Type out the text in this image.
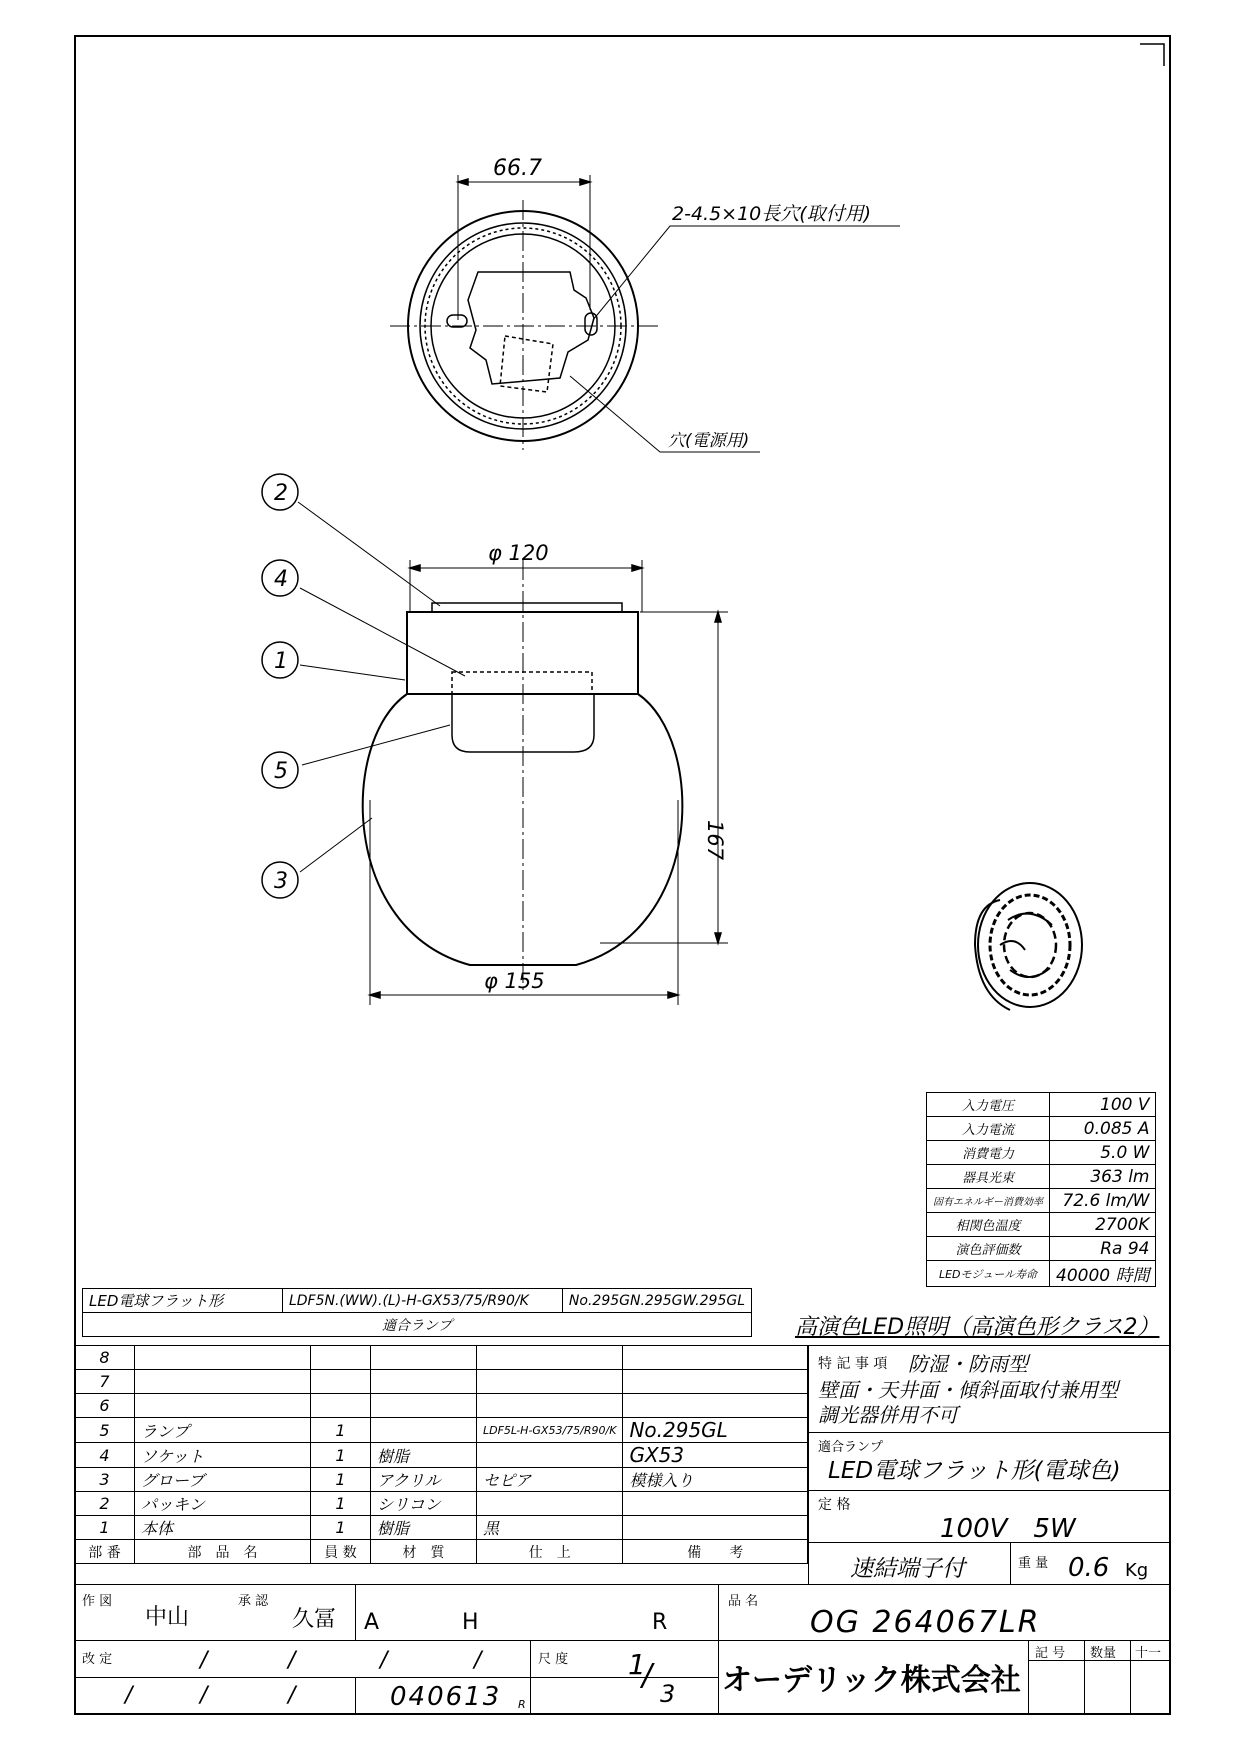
66.7
2-4.5×10長穴(取付用)
穴(電源用)
φ 120
φ 155
167
2
4
1
5
3
入力電圧	100 V
入力電流	0.085 A
消費電力	5.0 W
器具光束	363 lm
固有エネルギー消費効率	72.6 lm/W
相関色温度	2700K
演色評価数	Ra 94
LEDモジュール寿命	40000 時間
LED電球フラット形	LDF5N.(WW).(L)-H-GX53/75/R90/K	No.295GN.295GW.295GL
適合ランプ	高演色LED照明（高演色形クラス2）
8					
7					
6					
5	ランプ	1		LDF5L-H-GX53/75/R90/K	No.295GL
4	ソケット	1	樹脂		GX53
3	グローブ	1	アクリル	セピア	模様入り
2	パッキン	1	シリコン		
1	本体	1	樹脂	黒	
部 番	部　品　名	員 数	材　質	仕　上	備　　考
特 記 事 項 防湿・防雨型
壁面・天井面・傾斜面取付兼用型
調光器併用不可
適合ランプ
LED電球フラット形(電球色)
定 格
100V　5W
速結端子付	重 量 0.6 Kg
作 図
中山
承 認
久冨 A	H	R
品 名
OG 264067LR
改 定	/	/	/	/
/	/	/	040613 R
尺 度 1
/
3 オーデリック株式会社
記 号 数量 十一
